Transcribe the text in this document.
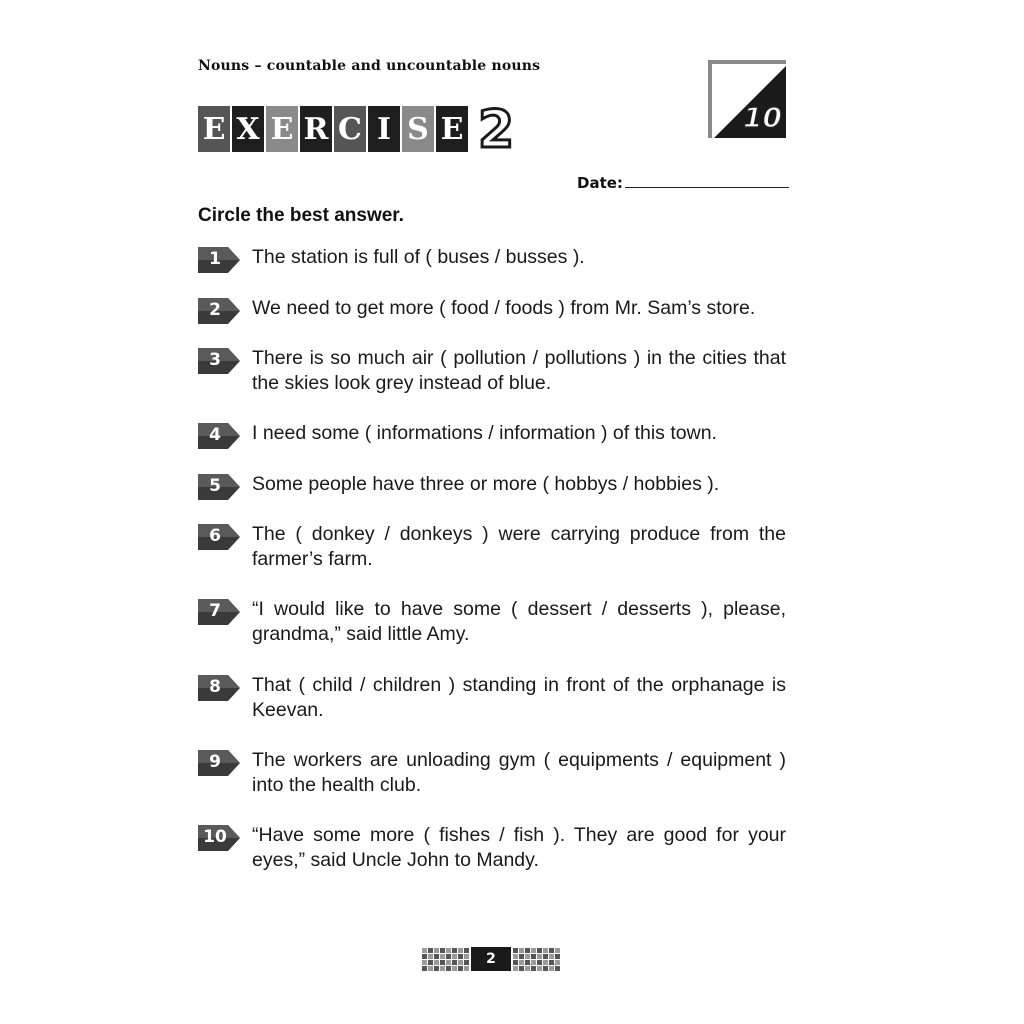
Nouns – countable and uncountable nouns
E X E R C I S E 2	10
Date:
Circle the best answer.
1	The station is full of ( buses / busses ).
2	We need to get more ( food / foods ) from Mr. Sam’s store.
3	There is so much air ( pollution / pollutions ) in the cities that the skies look grey instead of blue.
4	I need some ( informations / information ) of this town.
5	Some people have three or more ( hobbys / hobbies ).
6	The ( donkey / donkeys ) were carrying produce from the farmer’s farm.
7	“I would like to have some ( dessert / desserts ), please, grandma,” said little Amy.
8	That ( child / children ) standing in front of the orphanage is Keevan.
9	The workers are unloading gym ( equipments / equipment ) into the health club.
10 “Have some more ( fishes / fish ). They are good for your eyes,” said Uncle John to Mandy.
2
